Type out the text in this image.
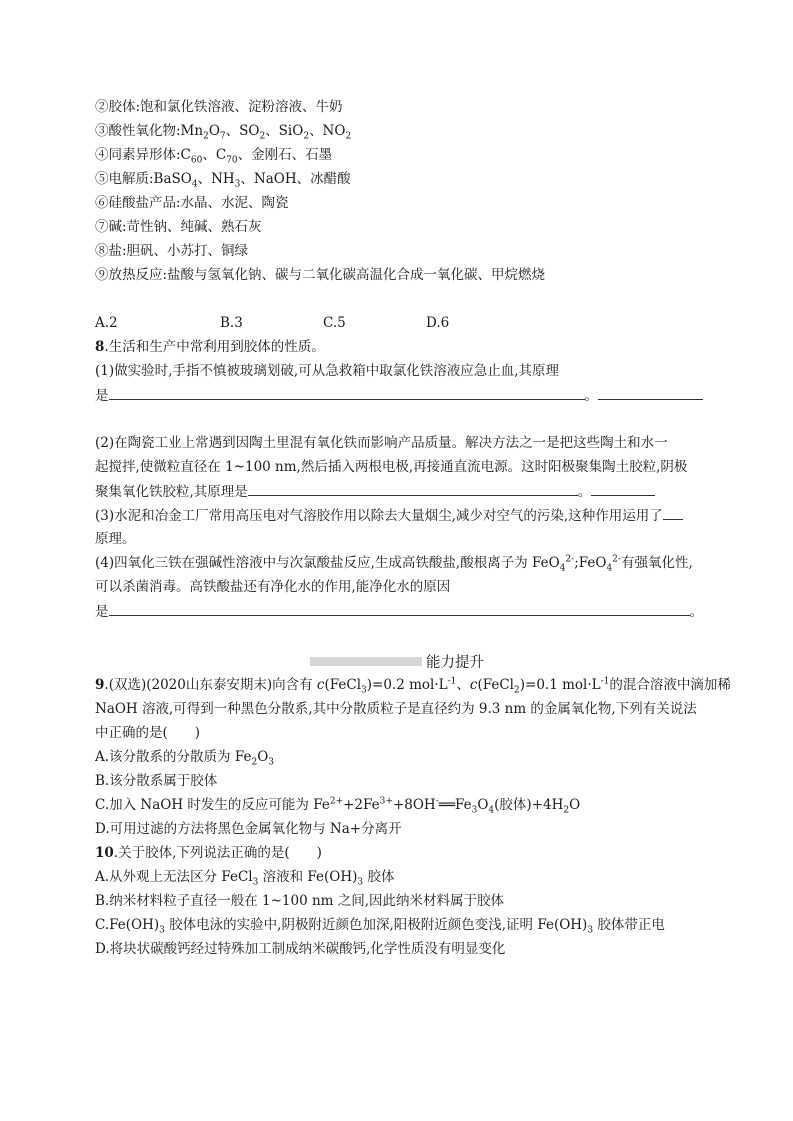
②胶体:饱和氯化铁溶液、淀粉溶液、牛奶
③酸性氧化物$:Mn_2O_7$、$SO_2$、SiO$_2$、$NO_2$
④同素异形体$:C_{60}$、$C_{70}$、金刚石、石墨
⑤电解质:BaSO$_4$、$NH_3$、NaOH、冰醋酸
⑥硅酸盐产品:水晶、水泥、陶瓷
⑦碱:苛性钠、纯碱、熟石灰
⑧盐:胆矾、小苏打、铜绿
⑨放热反应:盐酸与氢氧化钠、碳与二氧化碳高温化合成一氧化碳、甲烷燃烧
A.2	B.3	C.5	D.6
8.生活和生产中常利用到胶体的性质。
(1)做实验时,手指不慎被玻璃划破,可从急救箱中取氯化铁溶液应急止血,其原理
是	。
(2)在陶瓷工业上常遇到因陶土里混有氧化铁而影响产品质量。解决方法之一是把这些陶土和水一
起搅拌,使微粒直径在 1~100 nm,然后插入两根电极,再接通直流电源。这时阳极聚集陶土胶粒,阴极
聚集氧化铁胶粒,其原理是	。
(3)水泥和冶金工厂常用高压电对气溶胶作用以除去大量烟尘,减少对空气的污染,这种作用运用了
原理。
(4)四氧化三铁在强碱性溶液中与次氯酸盐反应,生成高铁酸盐,酸根离子为 FeO$_4^{2-}$;FeO$_4^{2-}$有强氧化性,
可以杀菌消毒。高铁酸盐还有净化水的作用,能净化水的原因
是	。
能力提升
9.(双选)(2020山东泰安期末)向含有 c(FeCl$_3$)=0.2 $mol\cdot L^{-1}$、c(FeCl$_2$)=0.1 $mol\cdot L^{-1}$的混合溶液中滴加稀
NaOH 溶液,可得到一种黑色分散系,其中分散质粒子是直径约为 9.3 nm 的金属氧化物,下列有关说法
中正确的是(　　)
A.该分散系的分散质为 $Fe_2O_3$
B.该分散系属于胶体
C.加入 NaOH 时发生的反应可能为 $Fe^{2+}+2Fe^{3+}+8OH^-══Fe_3O_4$(胶体)$+4H_2O$
D.可用过滤的方法将黑色金属氧化物与 Na+分离开
10.关于胶体,下列说法正确的是(　　)
A.从外观上无法区分 FeCl$_3$ 溶液和 $Fe(OH)_3$ 胶体
B.纳米材料粒子直径一般在 1~100 nm 之间,因此纳米材料属于胶体
$C.Fe(OH)_3$ 胶体电泳的实验中,阴极附近颜色加深,阳极附近颜色变浅,证明 $Fe(OH)_3$ 胶体带正电
D.将块状碳酸钙经过特殊加工制成纳米碳酸钙,化学性质没有明显变化
